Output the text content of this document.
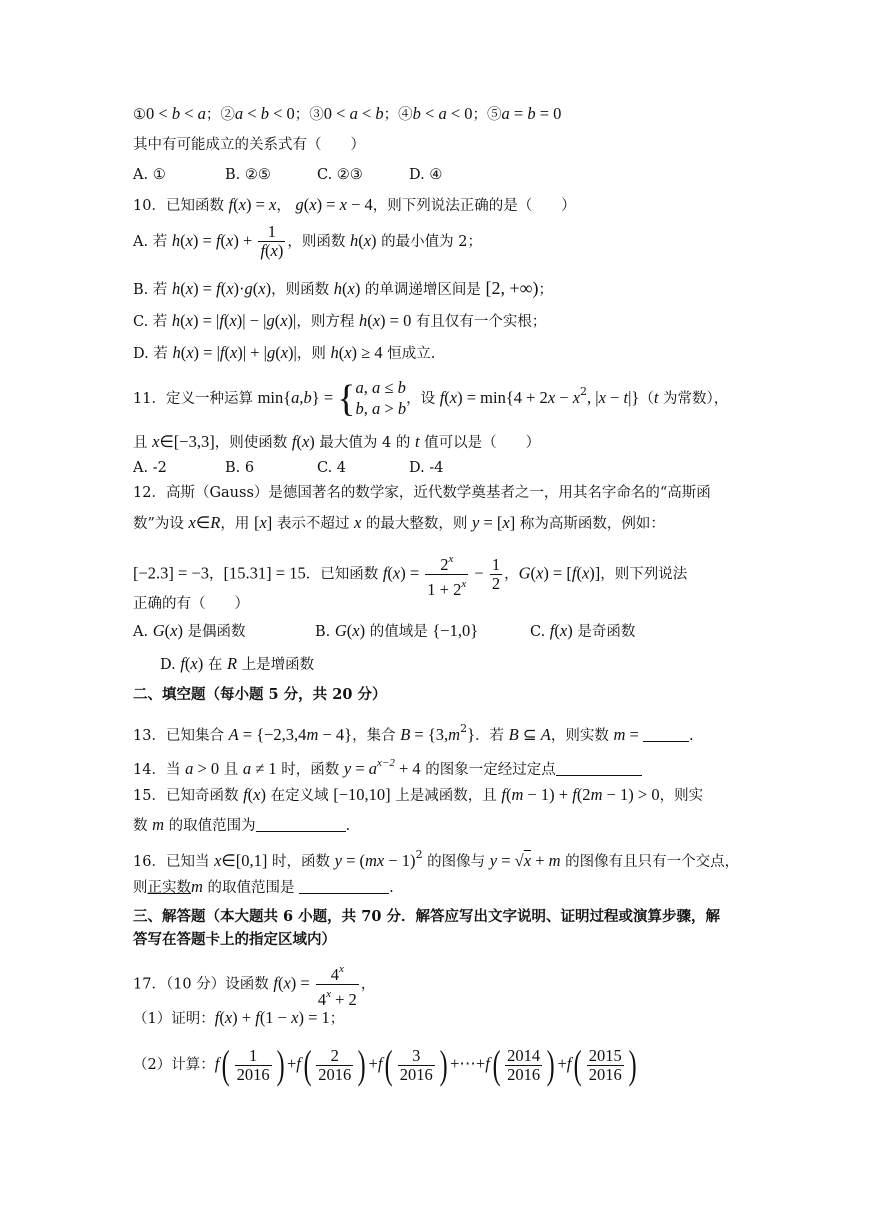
①0 < b < a；②a < b < 0；③0 < a < b；④b < a < 0；⑤a = b = 0
其中有可能成立的关系式有（　　）
A. ①	B. ②⑤	C. ②③	D. ④
10．已知函数 f(x) = x， g(x) = x − 4，则下列说法正确的是（　　）
A. 若 $h(x) = f(x) + \frac{1}{f(x)}$ ，则函数 h(x) 的最小值为 2；
B. 若 h(x) = f(x)·g(x)，则函数 h(x) 的单调递增区间是 [2, +∞)；
C. 若 h(x) = |f(x)| − |g(x)|，则方程 h(x) = 0 有且仅有一个实根；
D. 若 h(x) = |f(x)| + |g(x)|，则 h(x) ≥ 4 恒成立.
11．定义一种运算 min{a,b} = { a, a ≤ b
b, a > b ，设 $f(x) = \min\{4 + 2x - x^2$, |x − t|}（t 为常数），
且 x∈[−3,3]，则使函数 f(x) 最大值为 4 的 t 值可以是（　　）
A. -2	B. 6	C. 4	D. -4
12．高斯（Gauss）是德国著名的数学家，近代数学奠基者之一，用其名字命名的“高斯函
数”为设 x∈R，用 [x] 表示不超过 x 的最大整数，则 y = [x] 称为高斯函数，例如：
[−2.3] = −3，[15.31] = 15．已知函数 $f(x) = \frac{2^x}{1 + 2^x} - \frac{1}{2}$ ，G(x) = [f(x)]，则下列说法
正确的有（　　）
A. G(x) 是偶函数	B. G(x) 的值域是 {−1,0}	C. f(x) 是奇函数
D. f(x) 在 R 上是增函数
二、填空题（每小题 5 分，共 20 分）
13．已知集合 A = {−2,3,4m − 4}，集合 $B = \{3,m^2\}$．若 B ⊆ A，则实数 m =	.
14．当 a > 0 且 a ≠ 1 时，函数 $y = a^{x-2} + 4$ 的图象一定经过定点
15．已知奇函数 f(x) 在定义域 [−10,10] 上是减函数，且 f(m − 1) + f(2m − 1) > 0，则实
数 m 的取值范围为	.
16．已知当 x∈[0,1] 时，函数 y = (mx − 1)$^2$ 的图像与 y = √x + m 的图像有且只有一个交点，
则正实数m 的取值范围是	.
三、解答题（本大题共 6 小题，共 70 分．解答应写出文字说明、证明过程或演算步骤，解
答写在答题卡上的指定区域内）
17．（10 分）设函数 $f(x) = \frac{4^x}{4^x + 2}$ ，
（1）证明：f(x) + f(1 − x) = 1；
（2）计算：$f( \frac{1}{2016}$ ) $+f( \frac{2}{2016}$ ) $+f( \frac{3}{2016}$ ) +⋯+f( $\frac{2014}{2016}$ ) $+f( \frac{2015}{2016}$ )
